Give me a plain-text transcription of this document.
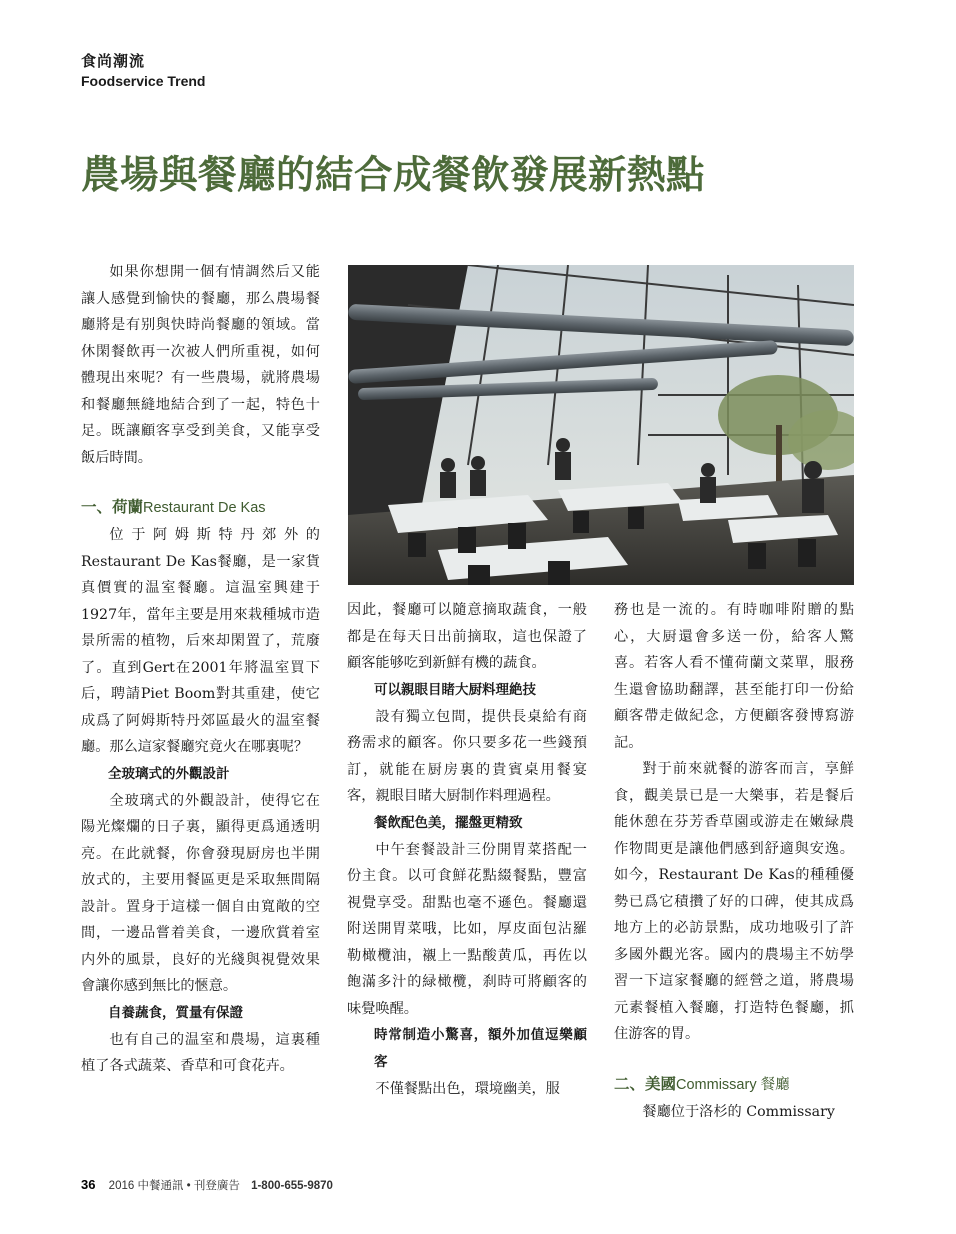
食尚潮流
Foodservice Trend
農場與餐廳的結合成餐飲發展新熱點

如果你想開一個有情調然后又能讓人感覺到愉快的餐廳，那么農場餐廳將是有别與快時尚餐廳的領域。當休閑餐飲再一次被人們所重視，如何體現出來呢？有一些農場，就將農場和餐廳無縫地結合到了一起，特色十足。既讓顧客享受到美食，又能享受飯后時間。

一、荷蘭Restaurant De Kas

位于阿姆斯特丹郊外的Restaurant De Kas餐廳，是一家貨真價實的温室餐廳。這温室興建于1927年，當年主要是用來栽種城市造景所需的植物，后來却閑置了，荒廢了。直到Gert在2001年將温室買下后，聘請Piet Boom對其重建，使它成爲了阿姆斯特丹郊區最火的温室餐廳。那么這家餐廳究竟火在哪裏呢？

全玻璃式的外觀設計

全玻璃式的外觀設計，使得它在陽光燦爛的日子裏，顯得更爲通透明亮。在此就餐，你會發現厨房也半開放式的，主要用餐區更是采取無間隔設計。置身于這樣一個自由寬敞的空間，一邊品嘗着美食，一邊欣賞着室内外的風景，良好的光綫與視覺效果會讓你感到無比的愜意。

自養蔬食，質量有保證

也有自己的温室和農場，這裏種植了各式蔬菜、香草和可食花卉。

因此，餐廳可以隨意摘取蔬食，一般都是在每天日出前摘取，這也保證了顧客能够吃到新鮮有機的蔬食。

可以親眼目睹大厨料理絶技

設有獨立包間，提供長桌給有商務需求的顧客。你只要多花一些錢預訂，就能在厨房裏的貴賓桌用餐宴客，親眼目睹大厨制作料理過程。

餐飲配色美，擺盤更精致

中午套餐設計三份開胃菜搭配一份主食。以可食鮮花點綴餐點，豐富視覺享受。甜點也毫不遜色。餐廳還附送開胃菜哦，比如，厚皮面包沾羅勒橄欖油，襯上一點酸黄瓜，再佐以飽滿多汁的緑橄欖，刹時可將顧客的味覺唤醒。

時常制造小驚喜，額外加值逗樂顧客

不僅餐點出色，環境幽美，服

務也是一流的。有時咖啡附贈的點心，大厨還會多送一份，給客人驚喜。若客人看不懂荷蘭文菜單，服務生還會協助翻譯，甚至能打印一份給顧客帶走做紀念，方便顧客發博寫游記。

對于前來就餐的游客而言，享鮮食，觀美景已是一大樂事，若是餐后能休憩在芬芳香草園或游走在嫩緑農作物間更是讓他們感到舒適與安逸。如今，Restaurant De Kas的種種優勢已爲它積攢了好的口碑，使其成爲地方上的必訪景點，成功地吸引了許多國外觀光客。國内的農場主不妨學習一下這家餐廳的經營之道，將農場元素餐植入餐廳，打造特色餐廳，抓住游客的胃。

二、美國Commissary 餐廳

餐廳位于洛杉的 Commissary

36 2016 中餐通訊 • 刊登廣告 1-800-655-9870
